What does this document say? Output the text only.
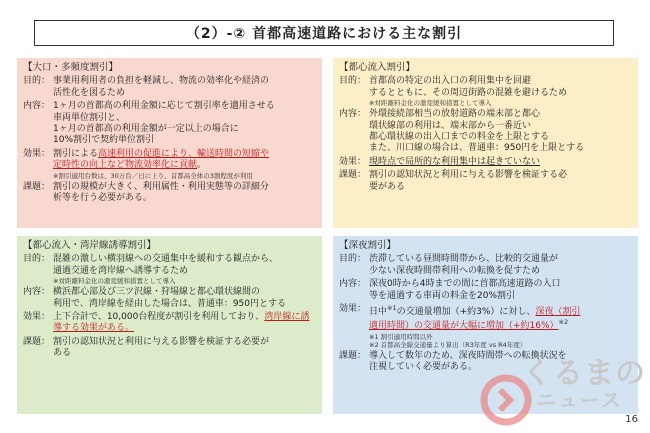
（2）-② 首都高速道路における主な割引
【大口・多頻度割引】
目的： 事業用利用者の負担を軽減し、物流の効率化や経済の
活性化を図るため
内容： 1ヶ月の首都高の利用金額に応じて割引率を適用させる
車両単位割引と、
1ヶ月の首都高の利用金額が一定以上の場合に
10%割引で契約単位割引
効果： 割引による高速利用の促進により、輸送時間の短縮や
定時性の向上など物流効率化に貢献。
※割引適用台数は、30万台／日に上り、首都高全体の3割程度が利用
課題： 割引の規模が大きく、利用属性・利用実態等の詳細分
析等を行う必要がある。
【都心流入割引】
目的： 首都高の特定の出入口の利用集中を回避
するとともに、その周辺街路の混雑を避けるため
※対距離料金化の激変緩和措置として導入
内容： 外環接続部相当の放射道路の端末部と都心
環状線部の利用は、端末部から一番近い
都心環状線の出入口までの料金を上限とする
また、川口線の場合は、普通車：950円を上限とする
効果： 現時点で局所的な利用集中は起きていない
課題： 割引の認知状況と利用に与える影響を検証する必
要がある
【都心流入・湾岸線誘導割引】
目的： 混雑の激しい横羽線への交通集中を緩和する観点から、
通過交通を湾岸線へ誘導するため
※対距離料金化の激変緩和措置として導入
内容： 横浜都心部及び三ツ沢線・狩場線と都心環状線間の
利用で、湾岸線を経由した場合は、普通車：950円とする
効果： 上下合計で、10,000台程度が割引を利用しており、湾岸線に誘導する効果がある。
課題： 割引の認知状況と利用に与える影響を検証する必要が
ある
【深夜割引】
目的： 渋滞している昼間時間帯から、比較的交通量が
少ない深夜時間帯利用への転換を促すため
内容： 深夜0時から4時までの間に首都高速道路の入口
等を通過する車両の料金を20%割引
効果： 日中$^{※1}$の交通量増加（+約3%）に対し、深夜（割引
適用時間）の交通量が大幅に増加（+約16%）$^{※2}$
※1 割引適用時間以外
※2 首都高全線交通量より算出（R3年度 vs R4年度）
課題： 導入して数年のため、深夜時間帯への転換状況を
注視していく必要がある。	くるまの
ニュース
16
